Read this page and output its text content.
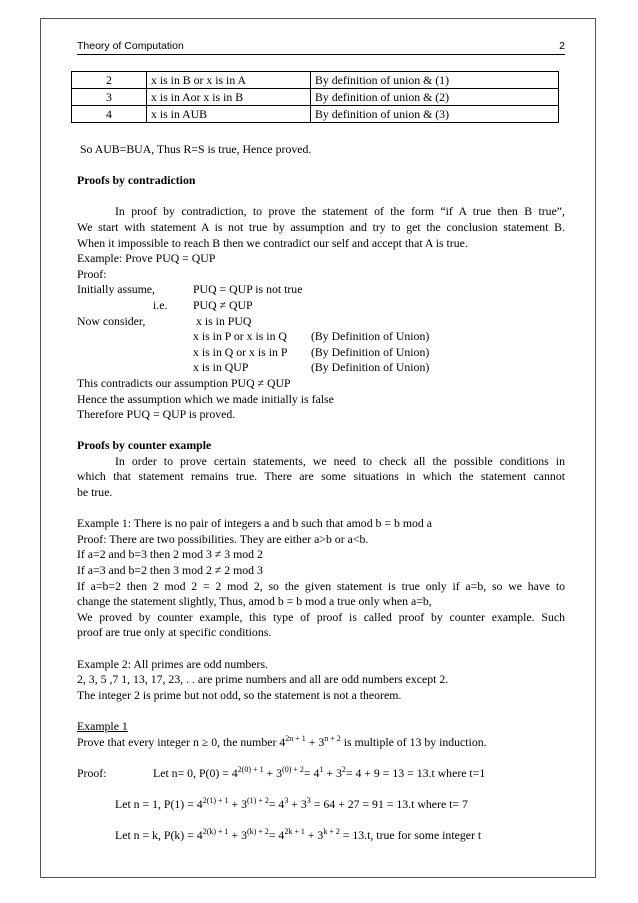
Theory of Computation	2
2	x is in B or x is in A	By definition of union & (1)
3	x is in Aor x is in B	By definition of union & (2)
4	x is in AUB	By definition of union & (3)
So AUB=BUA, Thus R=S is true, Hence proved.
Proofs by contradiction
In proof by contradiction, to prove the statement of the form “if A true then B true”,
We start with statement A is not true by assumption and try to get the conclusion statement B.
When it impossible to reach B then we contradict our self and accept that A is true.
Example: Prove PUQ = QUP
Proof:
Initially assume,	PUQ = QUP is not true
i.e.	PUQ ≠ QUP
Now consider,	x is in PUQ
x is in P or x is in Q	(By Definition of Union)
x is in Q or x is in P	(By Definition of Union)
x is in QUP	(By Definition of Union)
This contradicts our assumption PUQ ≠ QUP
Hence the assumption which we made initially is false
Therefore PUQ = QUP is proved.
Proofs by counter example
In order to prove certain statements, we need to check all the possible conditions in
which that statement remains true. There are some situations in which the statement cannot
be true.
Example 1: There is no pair of integers a and b such that amod b = b mod a
Proof: There are two possibilities. They are either a>b or a<b.
If a=2 and b=3 then 2 mod 3 ≠ 3 mod 2
If a=3 and b=2 then 3 mod 2 ≠ 2 mod 3
If a=b=2 then 2 mod 2 = 2 mod 2, so the given statement is true only if a=b, so we have to
change the statement slightly, Thus, amod b = b mod a true only when a=b,
We proved by counter example, this type of proof is called proof by counter example. Such
proof are true only at specific conditions.
Example 2: All primes are odd numbers.
2, 3, 5 ,7 1, 13, 17, 23, . . are prime numbers and all are odd numbers except 2.
The integer 2 is prime but not odd, so the statement is not a theorem.
Example 1
Prove that every integer n ≥ 0, the number $4^{2n + 1} + 3^{n + 2}$ is multiple of 13 by induction.
Proof:	Let n= 0, $P(0) = 4^{2(0) + 1} + 3^{(0) + 2}= 4^1 + 3^2= 4 + 9 = 13 = 13.t$ where t=1
Let n = 1, $P(1) = 4^{2(1) + 1} + 3^{(1) + 2}= 4^3 + 3^3 = 64 + 27 = 91 = 13.t$ where t= 7
Let n = k, $P(k) = 4^{2(k) + 1} + 3^{(k) + 2}= 4^{2k + 1} + 3^{k + 2} = 13.t$, true for some integer t
